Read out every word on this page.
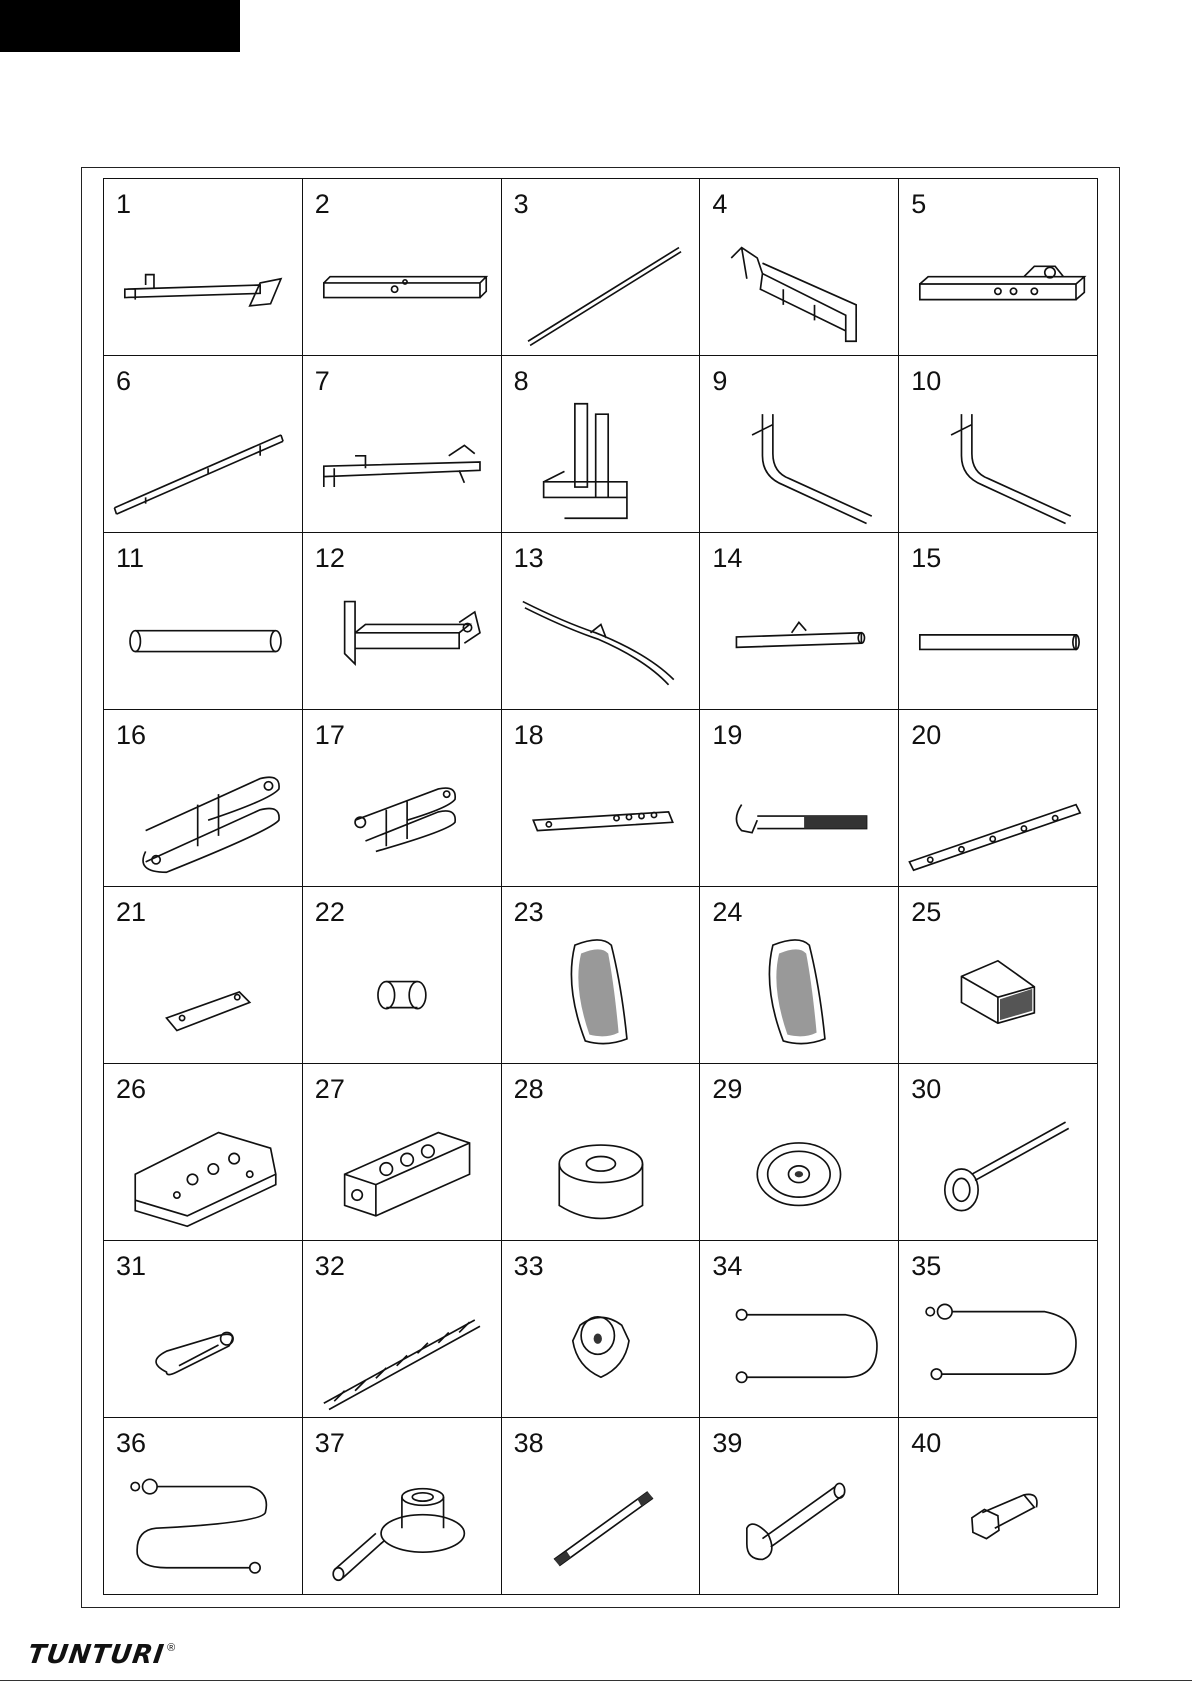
1	2	3	4	5
6	7	8	9	10
11	12	13	14	15
16	17	18	19	20
21	22	23	24	25
26	27	28	29	30
31	32	33	34	35
36	37	38	39	40
TUNTURI ®
